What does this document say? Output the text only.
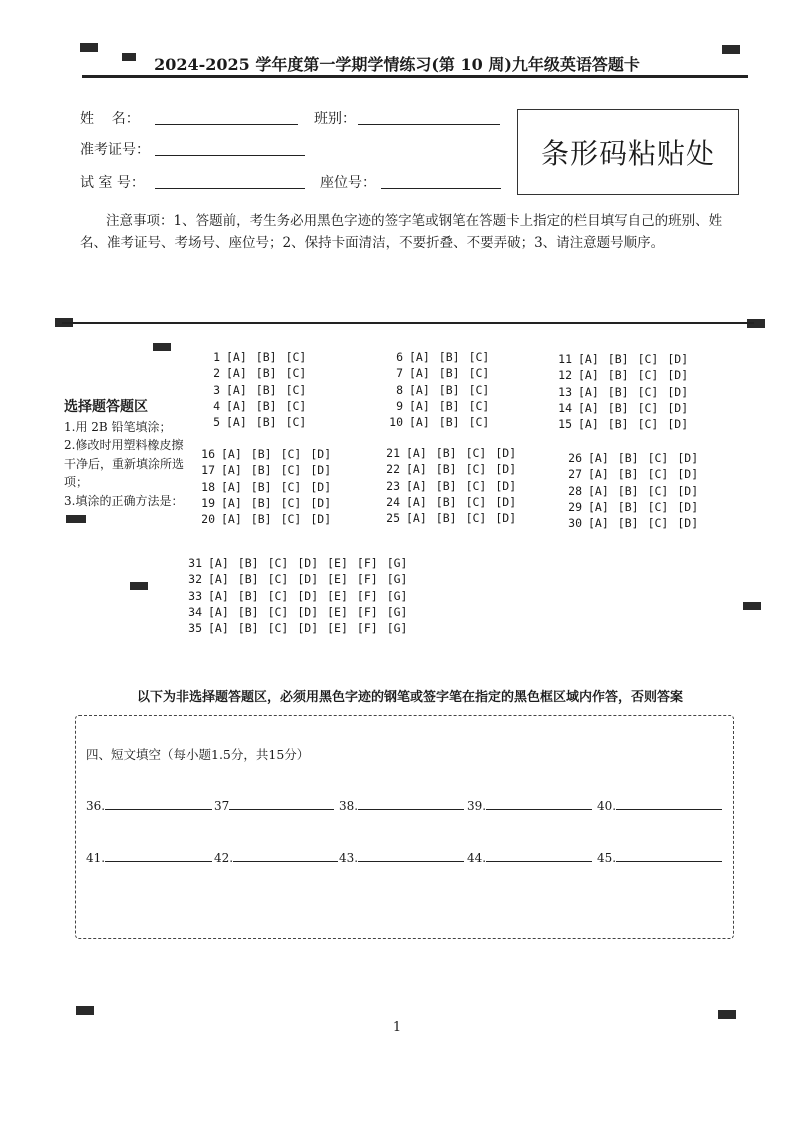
2024-2025 学年度第一学期学情练习(第 10 周)九年级英语答题卡
姓    名：	班别：
准考证号：
试 室 号：	座位号：
条形码粘贴处
注意事项：1、答题前，考生务必用黑色字迹的签字笔或钢笔在答题卡上指定的栏目填写自己的班别、姓名、准考证号、考场号、座位号；2、保持卡面清洁，不要折叠、不要弄破；3、请注意题号顺序。
选择题答题区
1.用 2B 铅笔填涂；
2.修改时用塑料橡皮擦干净后，重新填涂所选项；
3.填涂的正确方法是：
1 [A] [B] [C]
2 [A] [B] [C]
3 [A] [B] [C]
4 [A] [B] [C]
5 [A] [B] [C]
6 [A] [B] [C]
7 [A] [B] [C]
8 [A] [B] [C]
9 [A] [B] [C]
10 [A] [B] [C]
11 [A] [B] [C] [D]
12 [A] [B] [C] [D]
13 [A] [B] [C] [D]
14 [A] [B] [C] [D]
15 [A] [B] [C] [D]
16 [A] [B] [C] [D]
17 [A] [B] [C] [D]
18 [A] [B] [C] [D]
19 [A] [B] [C] [D]
20 [A] [B] [C] [D]
21 [A] [B] [C] [D]
22 [A] [B] [C] [D]
23 [A] [B] [C] [D]
24 [A] [B] [C] [D]
25 [A] [B] [C] [D]
26 [A] [B] [C] [D]
27 [A] [B] [C] [D]
28 [A] [B] [C] [D]
29 [A] [B] [C] [D]
30 [A] [B] [C] [D]
31 [A] [B] [C] [D] [E] [F] [G]
32 [A] [B] [C] [D] [E] [F] [G]
33 [A] [B] [C] [D] [E] [F] [G]
34 [A] [B] [C] [D] [E] [F] [G]
35 [A] [B] [C] [D] [E] [F] [G]
以下为非选择题答题区，必须用黑色字迹的钢笔或签字笔在指定的黑色框区域内作答，否则答案
四、短文填空（每小题1.5分，共15分）
36.	37	38.	39.	40.
41.	42.	43.	44.	45.
1
